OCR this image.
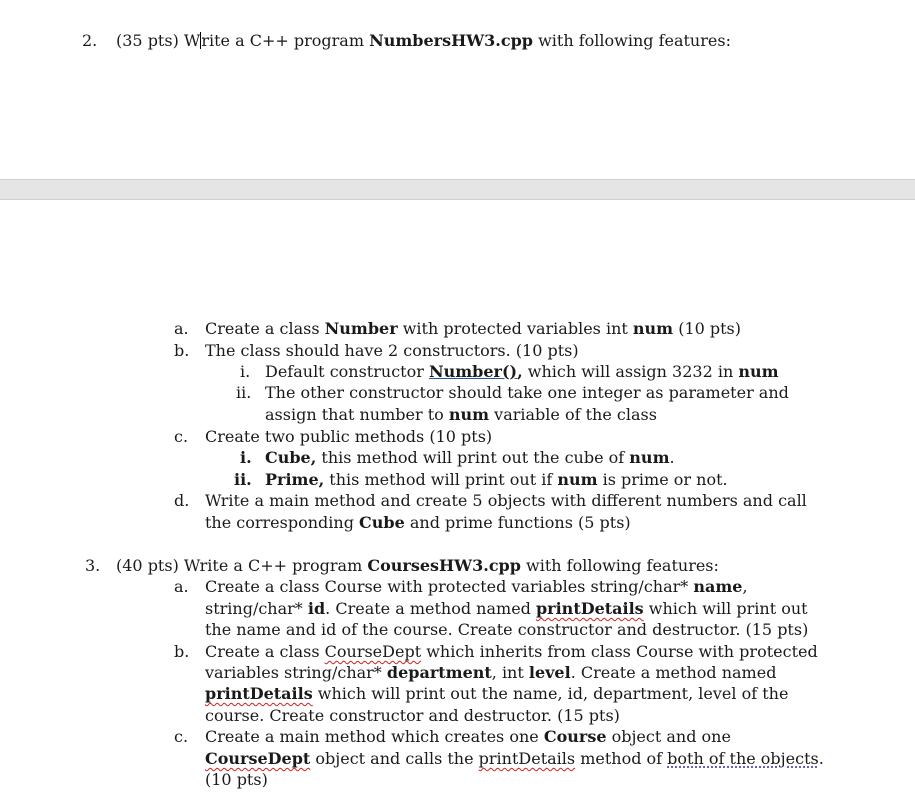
2. (35 pts) Write a C++ program NumbersHW3.cpp with following features:
a. Create a class Number with protected variables int num (10 pts)
b. The class should have 2 constructors. (10 pts)
i. Default constructor Number(), which will assign 3232 in num
ii. The other constructor should take one integer as parameter and
assign that number to num variable of the class
c. Create two public methods (10 pts)
i. Cube, this method will print out the cube of num.
ii. Prime, this method will print out if num is prime or not.
d. Write a main method and create 5 objects with different numbers and call
the corresponding Cube and prime functions (5 pts)
3. (40 pts) Write a C++ program CoursesHW3.cpp with following features:
a. Create a class Course with protected variables string/char* name,
string/char* id. Create a method named printDetails which will print out
the name and id of the course. Create constructor and destructor. (15 pts)
b. Create a class CourseDept which inherits from class Course with protected
variables string/char* department, int level. Create a method named
printDetails which will print out the name, id, department, level of the
course. Create constructor and destructor. (15 pts)
c. Create a main method which creates one Course object and one
CourseDept object and calls the printDetails method of both of the objects.
(10 pts)
